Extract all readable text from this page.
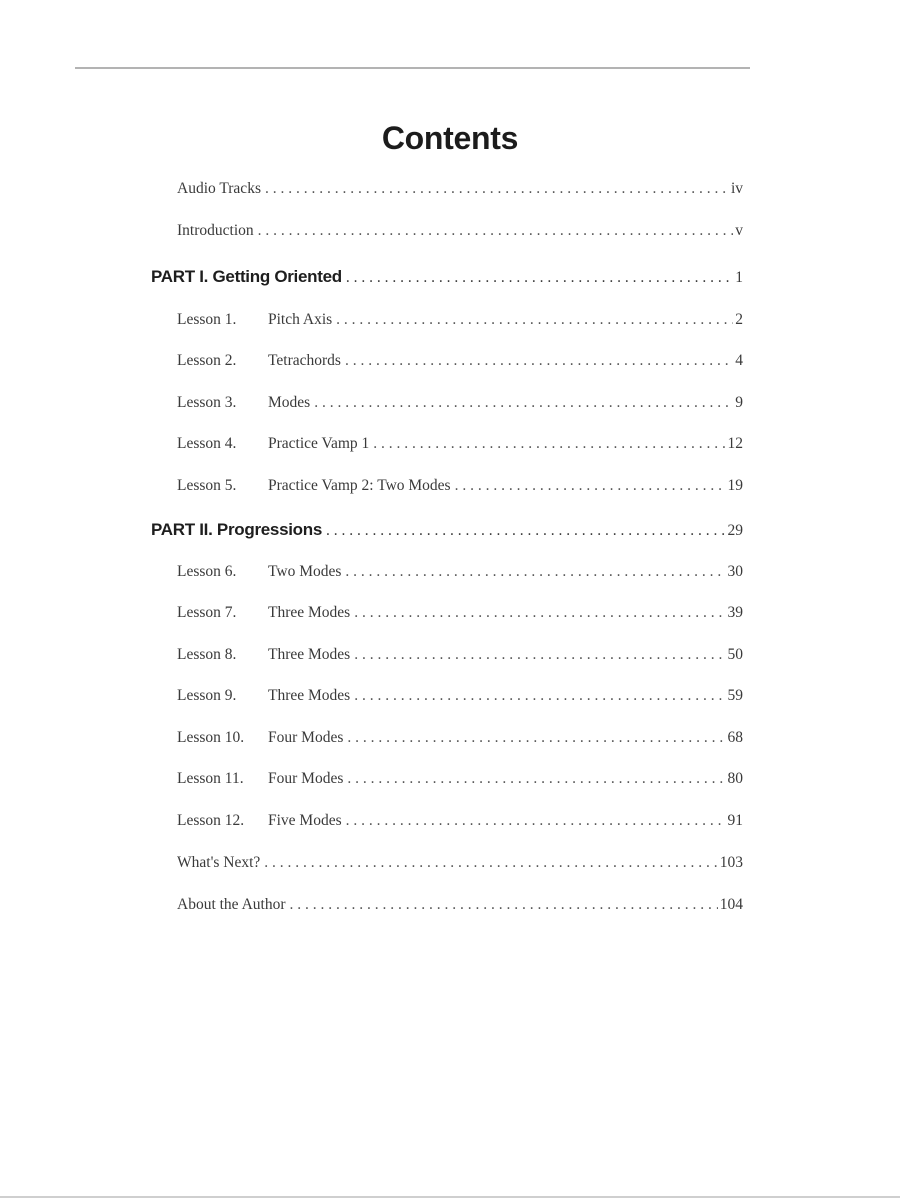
Contents
Audio Tracks . . .	iv
Introduction . . .	v
PART I. Getting Oriented . . .	1
Lesson 1.	Pitch Axis . . .	2
Lesson 2.	Tetrachords . . .	4
Lesson 3.	Modes . . .	9
Lesson 4.	Practice Vamp 1 . . .	12
Lesson 5.	Practice Vamp 2: Two Modes . . .	19
PART II. Progressions . . .	29
Lesson 6.	Two Modes . . .	30
Lesson 7.	Three Modes . . .	39
Lesson 8.	Three Modes . . .	50
Lesson 9.	Three Modes . . .	59
Lesson 10.	Four Modes . . .	68
Lesson 11.	Four Modes . . .	80
Lesson 12.	Five Modes . . .	91
What's Next? . . .	103
About the Author . . .	104
